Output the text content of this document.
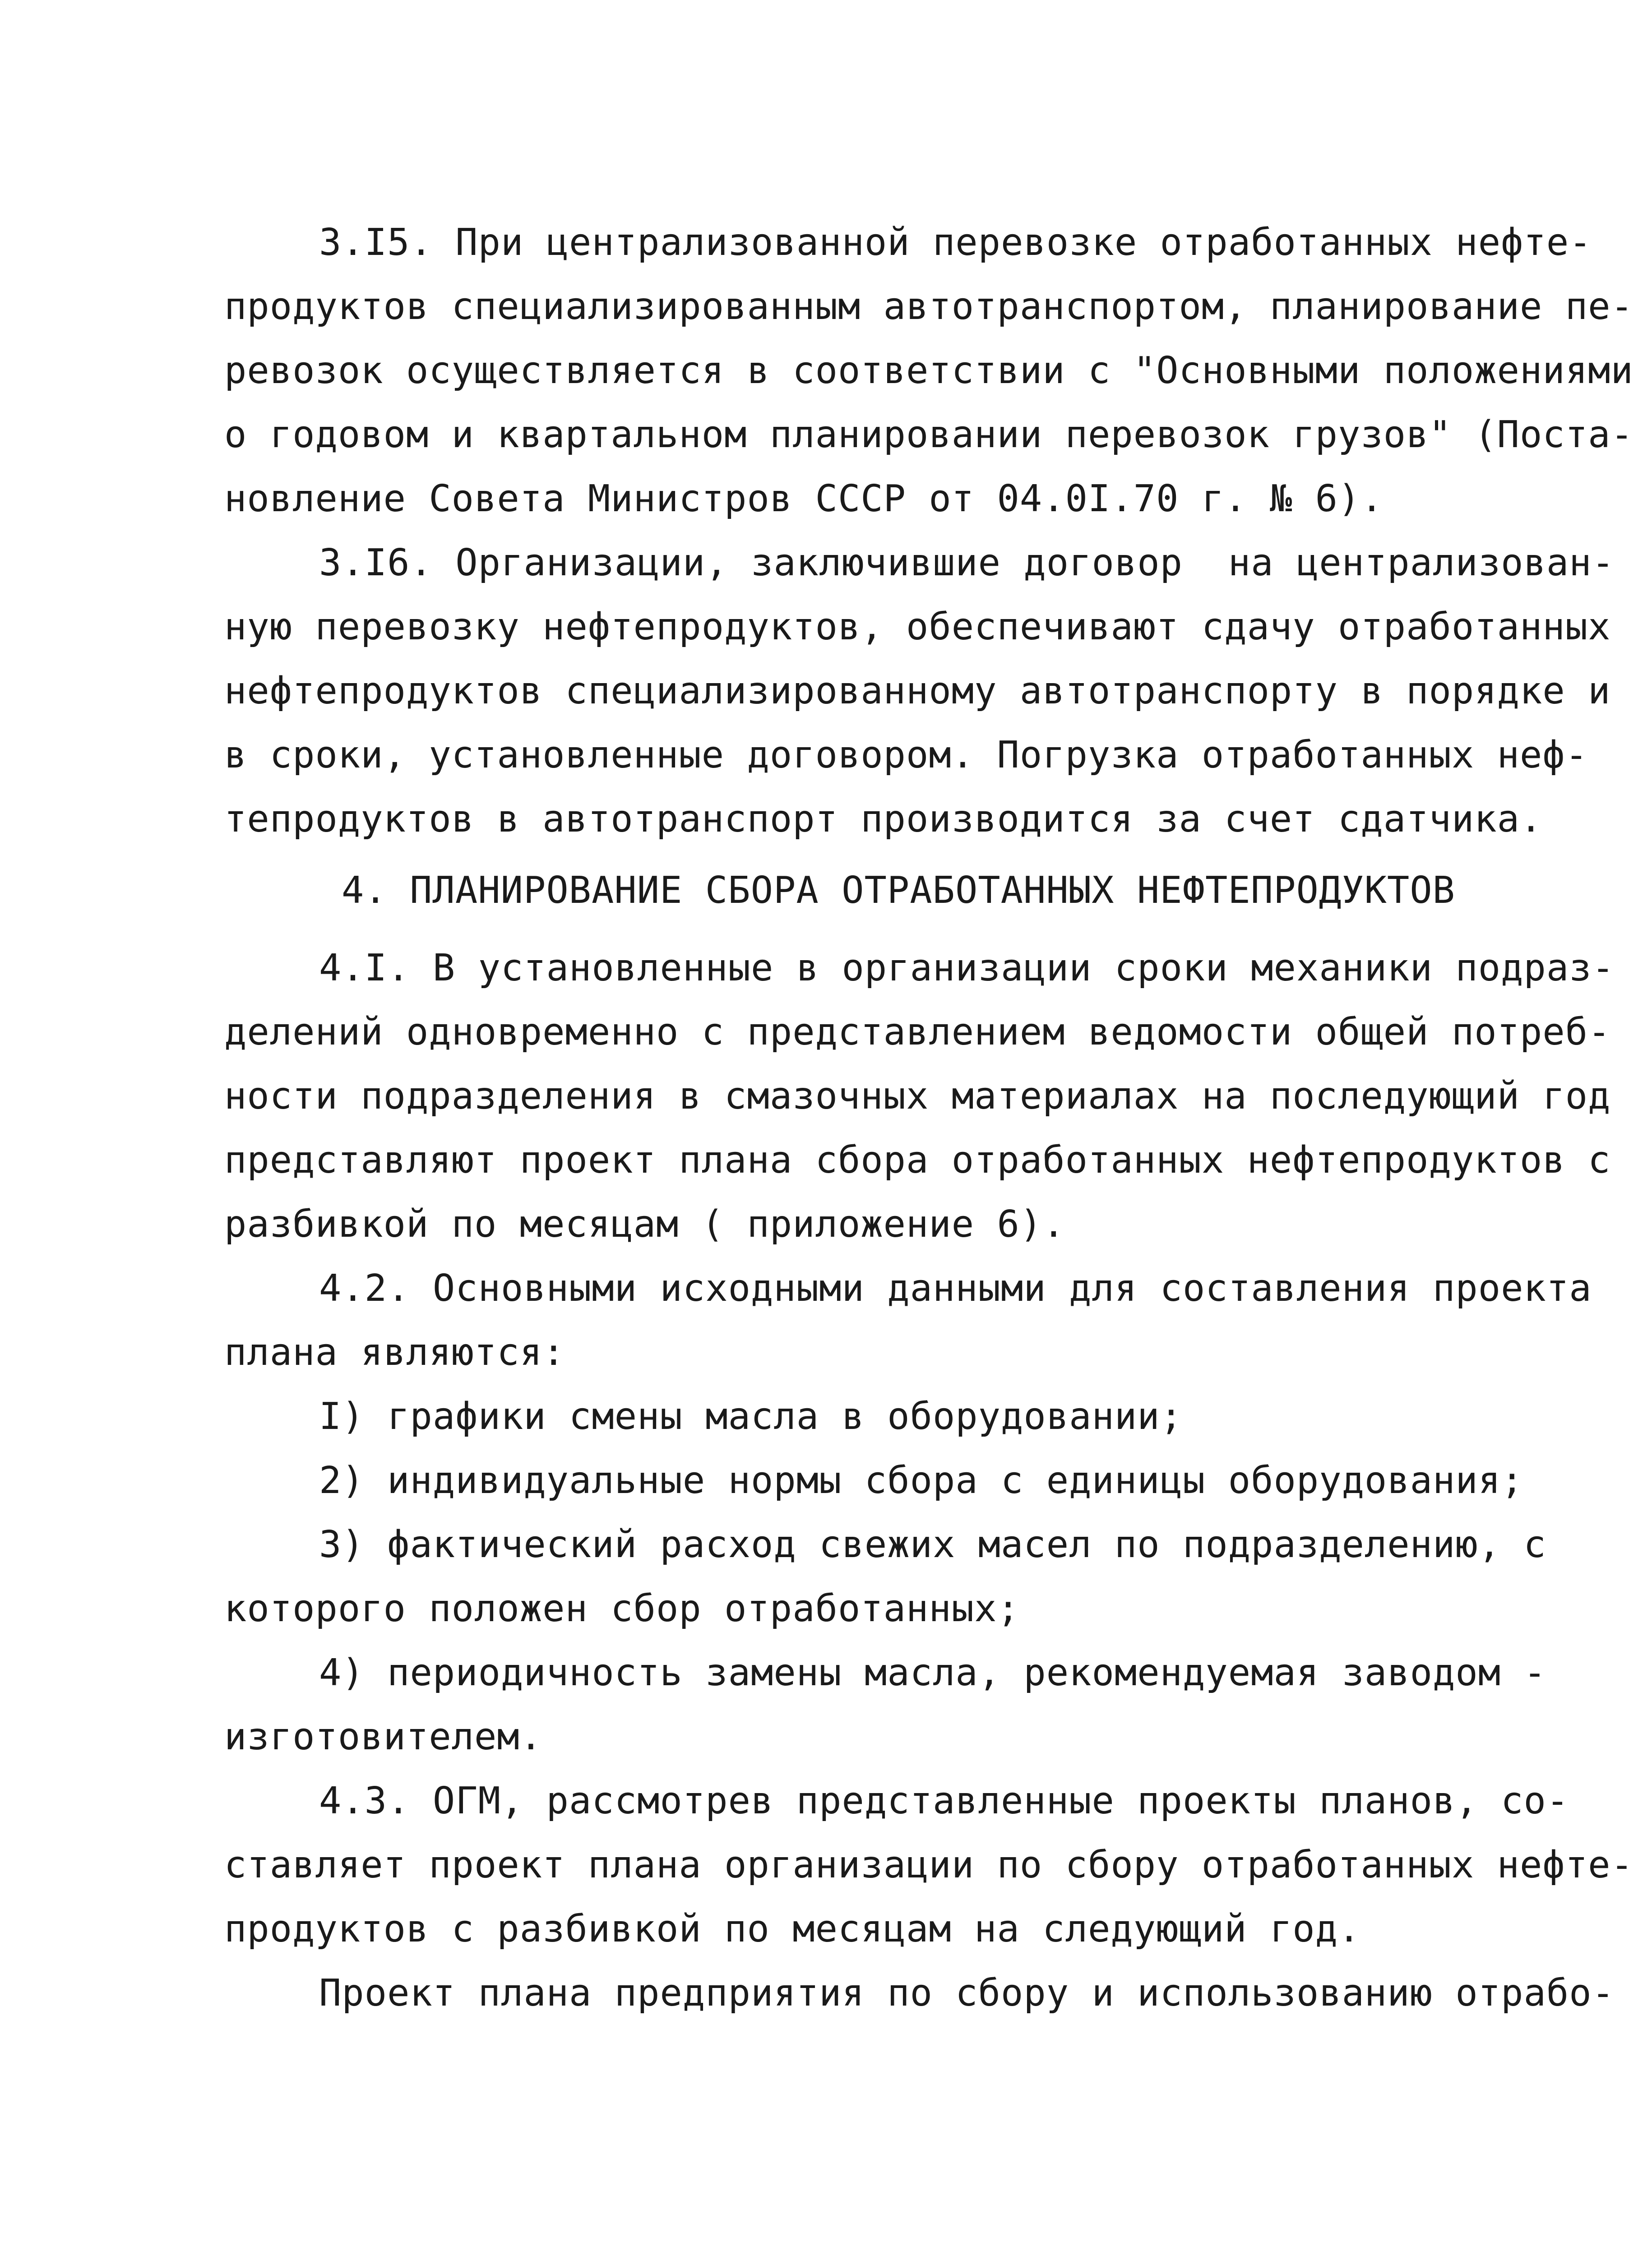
3.I5. При централизованной перевозке отработанных нефте-

продуктов специализированным автотранспортом, планирование пе-

ревозок осуществляется в соответствии с "Основными положениями

о годовом и квартальном планировании перевозок грузов" (Поста-

новление Совета Министров СССР от 04.0I.70 г. № 6).

3.I6. Организации, заключившие договор  на централизован-

ную перевозку нефтепродуктов, обеспечивают сдачу отработанных

нефтепродуктов специализированному автотранспорту в порядке и

в сроки, установленные договором. Погрузка отработанных неф-

тепродуктов в автотранспорт производится за счет сдатчика.

4. ПЛАНИРОВАНИЕ СБОРА ОТРАБОТАННЫХ НЕФТЕПРОДУКТОВ

4.I. В установленные в организации сроки механики подраз-

делений одновременно с представлением ведомости общей потреб-

ности подразделения в смазочных материалах на последующий год

представляют проект плана сбора отработанных нефтепродуктов с

разбивкой по месяцам ( приложение 6).

4.2. Основными исходными данными для составления проекта

плана являются:

I) графики смены масла в оборудовании;

2) индивидуальные нормы сбора с единицы оборудования;

3) фактический расход свежих масел по подразделению, с

которого положен сбор отработанных;

4) периодичность замены масла, рекомендуемая заводом -

изготовителем.

4.3. ОГМ, рассмотрев представленные проекты планов, со-

ставляет проект плана организации по сбору отработанных нефте-

продуктов с разбивкой по месяцам на следующий год.

Проект плана предприятия по сбору и использованию отрабо-
